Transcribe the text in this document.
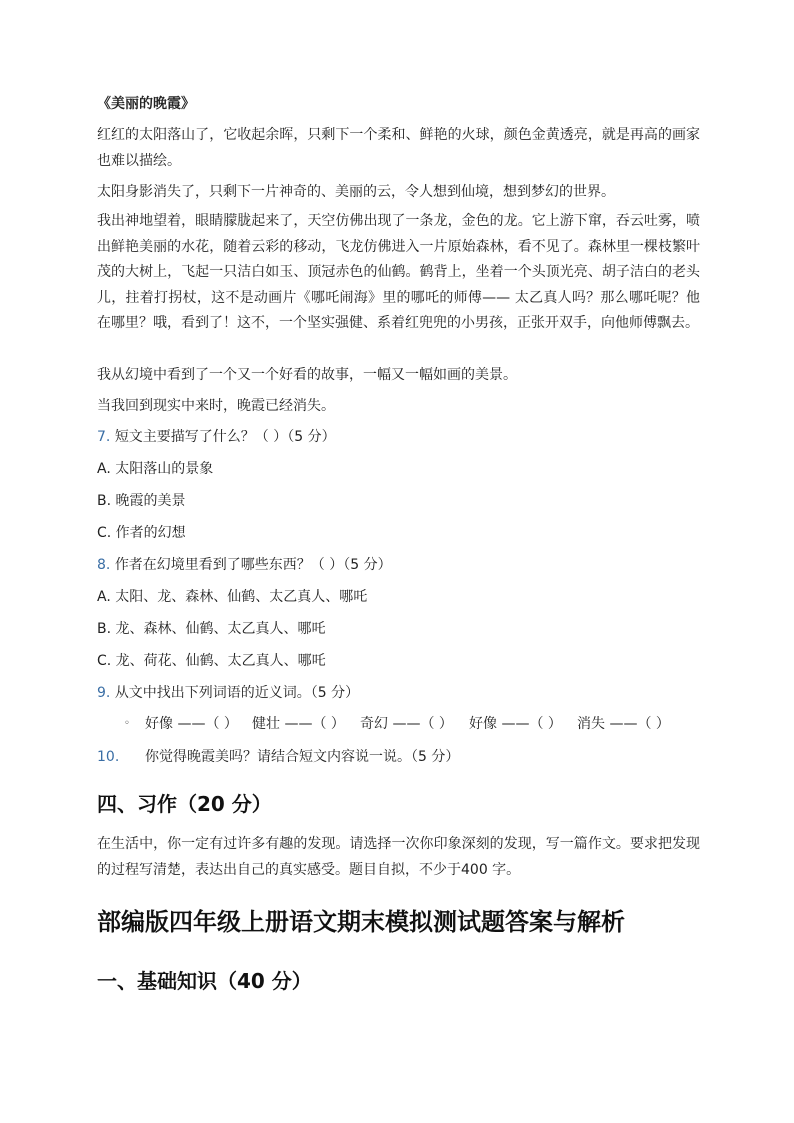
《美丽的晚霞》

红红的太阳落山了，它收起余晖，只剩下一个柔和、鲜艳的火球，颜色金黄透亮，就是再高的画家也难以描绘。

太阳身影消失了，只剩下一片神奇的、美丽的云，令人想到仙境，想到梦幻的世界。

我出神地望着，眼睛朦胧起来了，天空仿佛出现了一条龙，金色的龙。它上游下窜，吞云吐雾，喷出鲜艳美丽的水花，随着云彩的移动，飞龙仿佛进入一片原始森林，看不见了。森林里一棵枝繁叶茂的大树上，飞起一只洁白如玉、顶冠赤色的仙鹤。鹤背上，坐着一个头顶光亮、胡子洁白的老头儿，拄着打拐杖，这不是动画片《哪吒闹海》里的哪吒的师傅—— 太乙真人吗？那么哪吒呢？他在哪里？哦，看到了！这不，一个坚实强健、系着红兜兜的小男孩，正张开双手，向他师傅飘去。

我从幻境中看到了一个又一个好看的故事，一幅又一幅如画的美景。

当我回到现实中来时，晚霞已经消失。

7. 短文主要描写了什么？（ ）（5 分）
A. 太阳落山的景象
B. 晚霞的美景
C. 作者的幻想
8. 作者在幻境里看到了哪些东西？（ ）（5 分）
A. 太阳、龙、森林、仙鹤、太乙真人、哪吒
B. 龙、森林、仙鹤、太乙真人、哪吒
C. 龙、荷花、仙鹤、太乙真人、哪吒
9. 从文中找出下列词语的近义词。（5 分）
◦ 好像 ——（ ） 健壮 ——（ ） 奇幻 ——（ ） 好像 ——（ ） 消失 ——（ ）
10. 你觉得晚霞美吗？请结合短文内容说一说。（5 分）
四、习作（20 分）

在生活中，你一定有过许多有趣的发现。请选择一次你印象深刻的发现，写一篇作文。要求把发现的过程写清楚，表达出自己的真实感受。题目自拟，不少于400 字。

部编版四年级上册语文期末模拟测试题答案与解析
一、基础知识（40 分）
